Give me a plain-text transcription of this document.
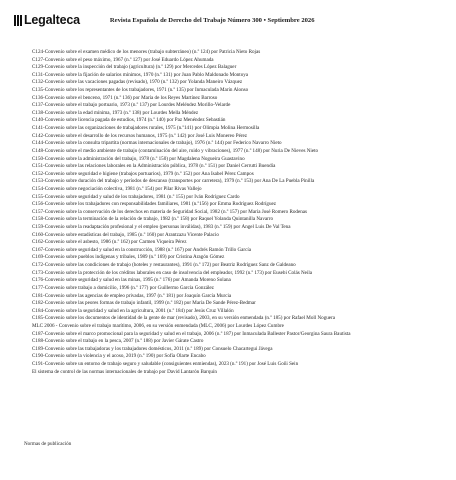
Legalteca	Revista Española de Derecho del Trabajo Número 300 • Septiembre 2026
C124-Convenio sobre el examen médico de los menores (trabajo subterráneo) (n.º 124) por Patricia Nieto Rojas
C127-Convenio sobre el peso máximo, 1967 (n.º 127) por José Eduardo López Ahumada
C129-Convenio sobre la inspección del trabajo (agricultura) (n.º 129) por Mercedes López Balaguer
C131-Convenio sobre la fijación de salarios mínimos, 1970 (n.º 131) por Juan Pablo Maldonado Montoya
C132-Convenio sobre las vacaciones pagadas (revisado), 1970 (n.º 132) por Yolanda Maneiro Vázquez
C135-Convenio sobre los representantes de los trabajadores, 1971 (n.º 135) por Inmaculada Marín Alonso
C136-Convenio sobre el benceno, 1971 (n.º 136) por María de los Reyes Martínez Barroso
C137-Convenio sobre el trabajo portuario, 1973 (n.º 137) por Lourdes Meléndez Morillo-Velarde
C138-Convenio sobre la edad mínima, 1973 (n.º 138) por Lourdes Mella Méndez
C140-Convenio sobre licencia pagada de estudios, 1974 (n.º 140) por Paz Menéndez Sebastián
C141-Convenio sobre las organizaciones de trabajadores rurales, 1975 (n.º141) por Olimpia Molina Hermosilla
C142-Convenio sobre el desarrollo de los recursos humanos, 1975 (n.º 142) por José Luis Monereo Pérez
C144-Convenio sobre la consulta tripartita (normas internacionales de trabajo), 1976 (n.º 144) por Federico Navarro Nieto
C148-Convenio sobre el medio ambiente de trabajo (contaminación del aire, ruido y vibraciones), 1977 (n.º 148) por Nuria De Nieves Nieto
C150-Convenio sobre la administración del trabajo, 1978 (n.º 150) por Magdalena Nogueira Guastavino
C151-Convenio sobre las relaciones laborales en la Administración pública, 1978 (n.º 151) por Daniel Cerrutti Buendía
C152-Convenio sobre seguridad e higiene (trabajos portuarios), 1979 (n.º 152) por Ana Isabel Pérez Campos
C153-Convenio sobre duración del trabajo y períodos de descanso (transportes por carretera), 1979 (n.º 153) por Ana De La Puebla Pinilla
C154-Convenio sobre negociación colectiva, 1981 (n.º 154) por Pilar Rivas Vallejo
C155-Convenio sobre seguridad y salud de los trabajadores, 1981 (n.º 155) por Iván Rodríguez Cardo
C156-Convenio sobre los trabajadores con responsabilidades familiares, 1981 (n.º156) por Emma Rodríguez Rodríguez
C157-Convenio sobre la conservación de los derechos en materia de Seguridad Social, 1982 (n.º 157) por María José Romero Rodenas
C158-Convenio sobre la terminación de la relación de trabajo, 1982 (n.º 158) por Raquel Yolanda Quintanilla Navarro
C159-Convenio sobre la readaptación profesional y el empleo (personas inválidas), 1983 (n.º 159) por Ángel Luis De Val Tena
C160-Convenio sobre estadísticas del trabajo, 1985 (n.º 160) por Arantzazu Vicente Palacio
C162-Convenio sobre el asbesto, 1986 (n.º 162) por Carmen Viqueira Pérez
C167-Convenio sobre seguridad y salud en la construcción, 1988 (n.º 167) por Andrés Ramón Trillo García
C169-Convenio sobre pueblos indígenas y tribales, 1989 (n.º 169) por Cristina Aragón Gómez
C172-Convenio sobre las condiciones de trabajo (hoteles y restaurantes), 1991 (n.º 172) por Beatriz Rodríguez Sanz de Galdeano
C173-Convenio sobre la protección de los créditos laborales en caso de insolvencia del empleador, 1992 (n.º 173) por Eusebi Colás Neila
C176-Convenio sobre seguridad y salud en las minas, 1995 (n.º 176) por Amanda Moreno Solana
C177-Convenio sobre trabajo a domicilio, 1996 (n.º 177) por Guillermo García González
C181-Convenio sobre las agencias de empleo privadas, 1997 (n.º 181) por Joaquín García Murcia
C182-Convenio sobre las peores formas de trabajo infantil, 1999 (n.º 182) por María De Sande Pérez-Bedmar
C184-Convenio sobre la seguridad y salud en la agricultura, 2001 (n.º 184) por Jesús Cruz Villalón
C185-Convenio sobre los documentos de identidad de la gente de mar (revisado), 2003, en su versión enmendada (n.º 185) por Rafael Moll Noguera
MLC 2006 - Convenio sobre el trabajo marítimo, 2006, en su versión enmendada (MLC, 2006) por Lourdes López Cumbre
C187-Convenio sobre el marco promocional para la seguridad y salud en el trabajo, 2006 (n.º 187) por Inmaculada Ballester Pastor/Georgina Saura Bautista
C188-Convenio sobre el trabajo en la pesca, 2007 (n.º 188) por Javier Gárate Castro
C189-Convenio sobre las trabajadoras y los trabajadores domésticos, 2011 (n.º 189) por Consuelo Chacartegui Jávega
C190-Convenio sobre la violencia y el acoso, 2019 (n.º 190) por Sofía Olarte Encabo
C191-Convenio sobre un entorno de trabajo seguro y saludable (consiguientes enmiendas), 2023 (n.º 191) por José Luis Goñi Sein
El sistema de control de las normas internacionales de trabajo por David Lantarón Barquín
Normas de publicación
